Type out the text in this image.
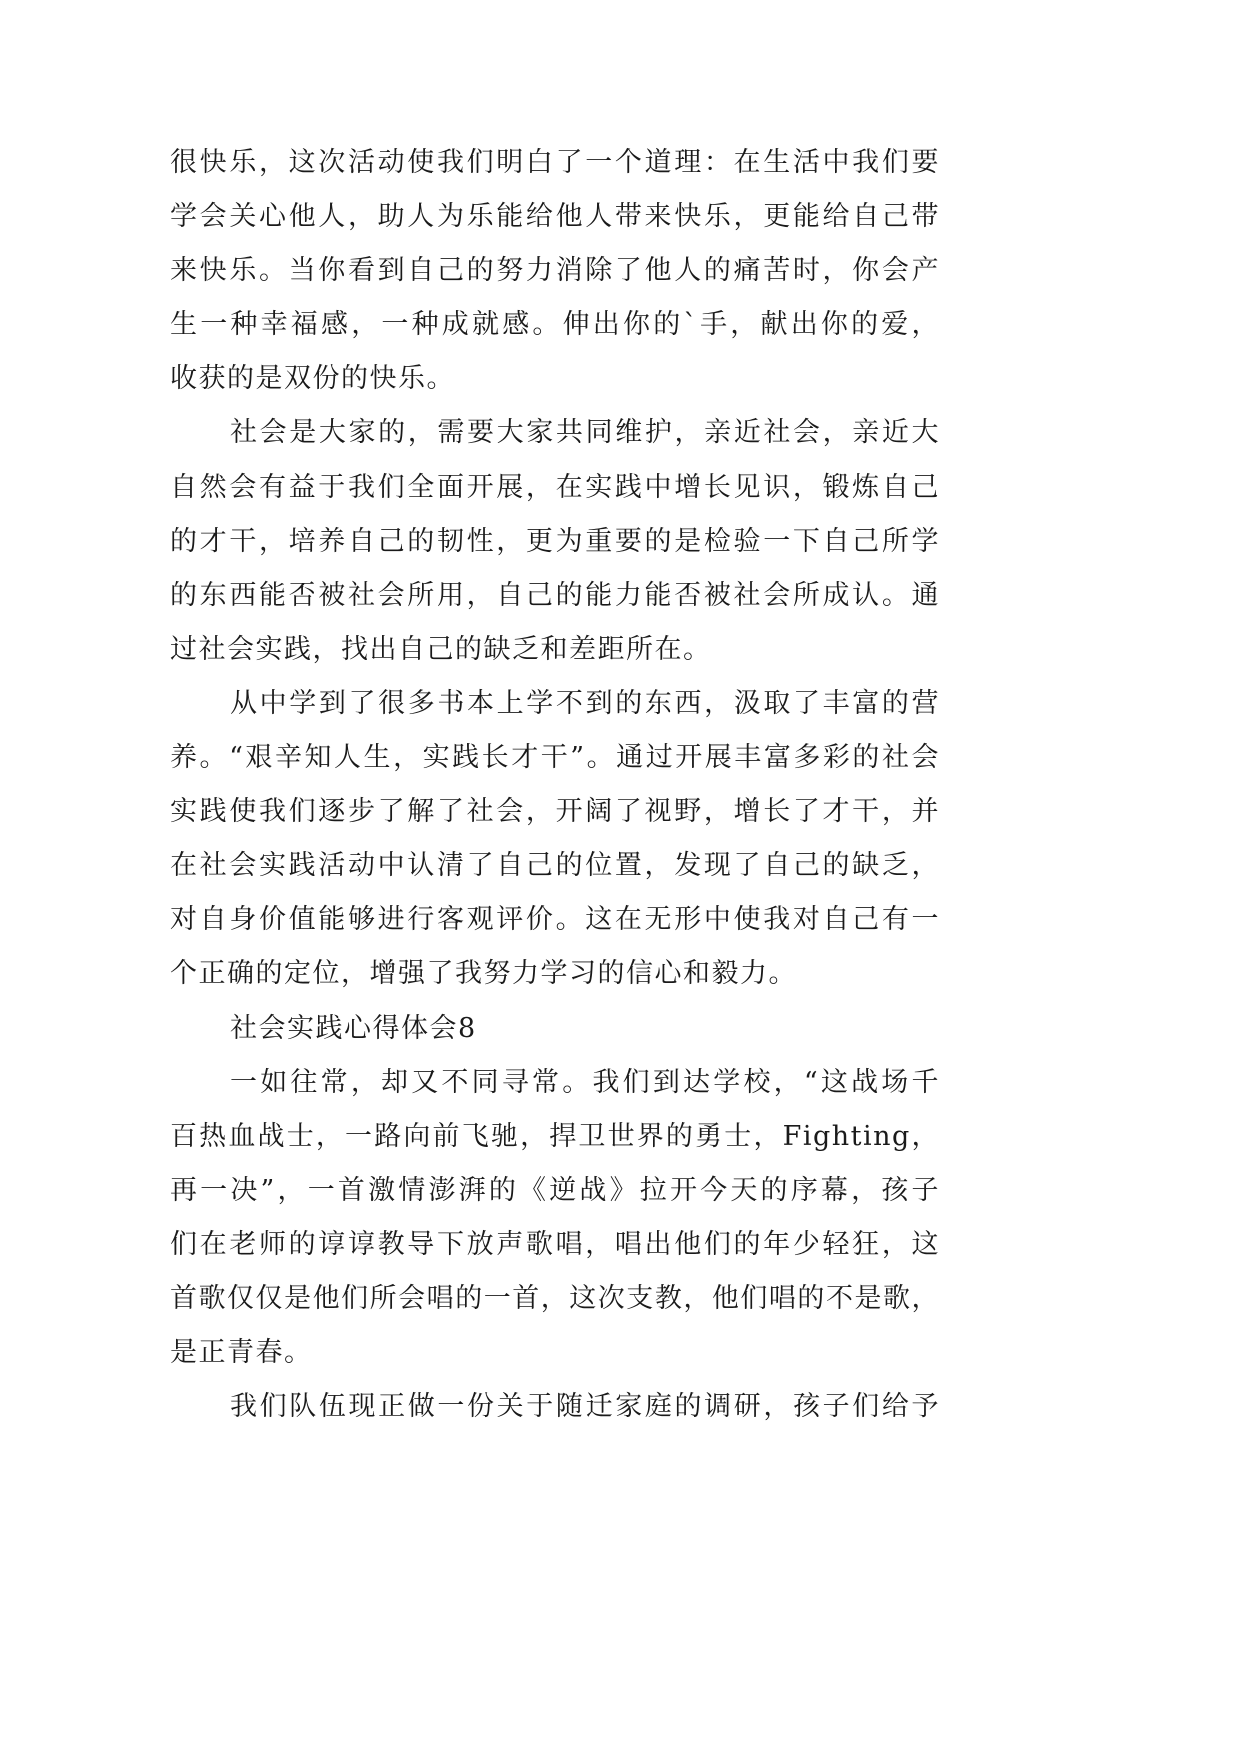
很快乐，这次活动使我们明白了一个道理：在生活中我们要
学会关心他人，助人为乐能给他人带来快乐，更能给自己带
来快乐。当你看到自己的努力消除了他人的痛苦时，你会产
生一种幸福感，一种成就感。伸出你的`手，献出你的爱，
收获的是双份的快乐。
社会是大家的，需要大家共同维护，亲近社会，亲近大
自然会有益于我们全面开展，在实践中增长见识，锻炼自己
的才干，培养自己的韧性，更为重要的是检验一下自己所学
的东西能否被社会所用，自己的能力能否被社会所成认。通
过社会实践，找出自己的缺乏和差距所在。
从中学到了很多书本上学不到的东西，汲取了丰富的营
养。“艰辛知人生，实践长才干”。通过开展丰富多彩的社会
实践使我们逐步了解了社会，开阔了视野，增长了才干，并
在社会实践活动中认清了自己的位置，发现了自己的缺乏，
对自身价值能够进行客观评价。这在无形中使我对自己有一
个正确的定位，增强了我努力学习的信心和毅力。
社会实践心得体会8
一如往常，却又不同寻常。我们到达学校，“这战场千
百热血战士，一路向前飞驰，捍卫世界的勇士，Fighting，
再一决”，一首激情澎湃的《逆战》拉开今天的序幕，孩子
们在老师的谆谆教导下放声歌唱，唱出他们的年少轻狂，这
首歌仅仅是他们所会唱的一首，这次支教，他们唱的不是歌，
是正青春。
我们队伍现正做一份关于随迁家庭的调研，孩子们给予
